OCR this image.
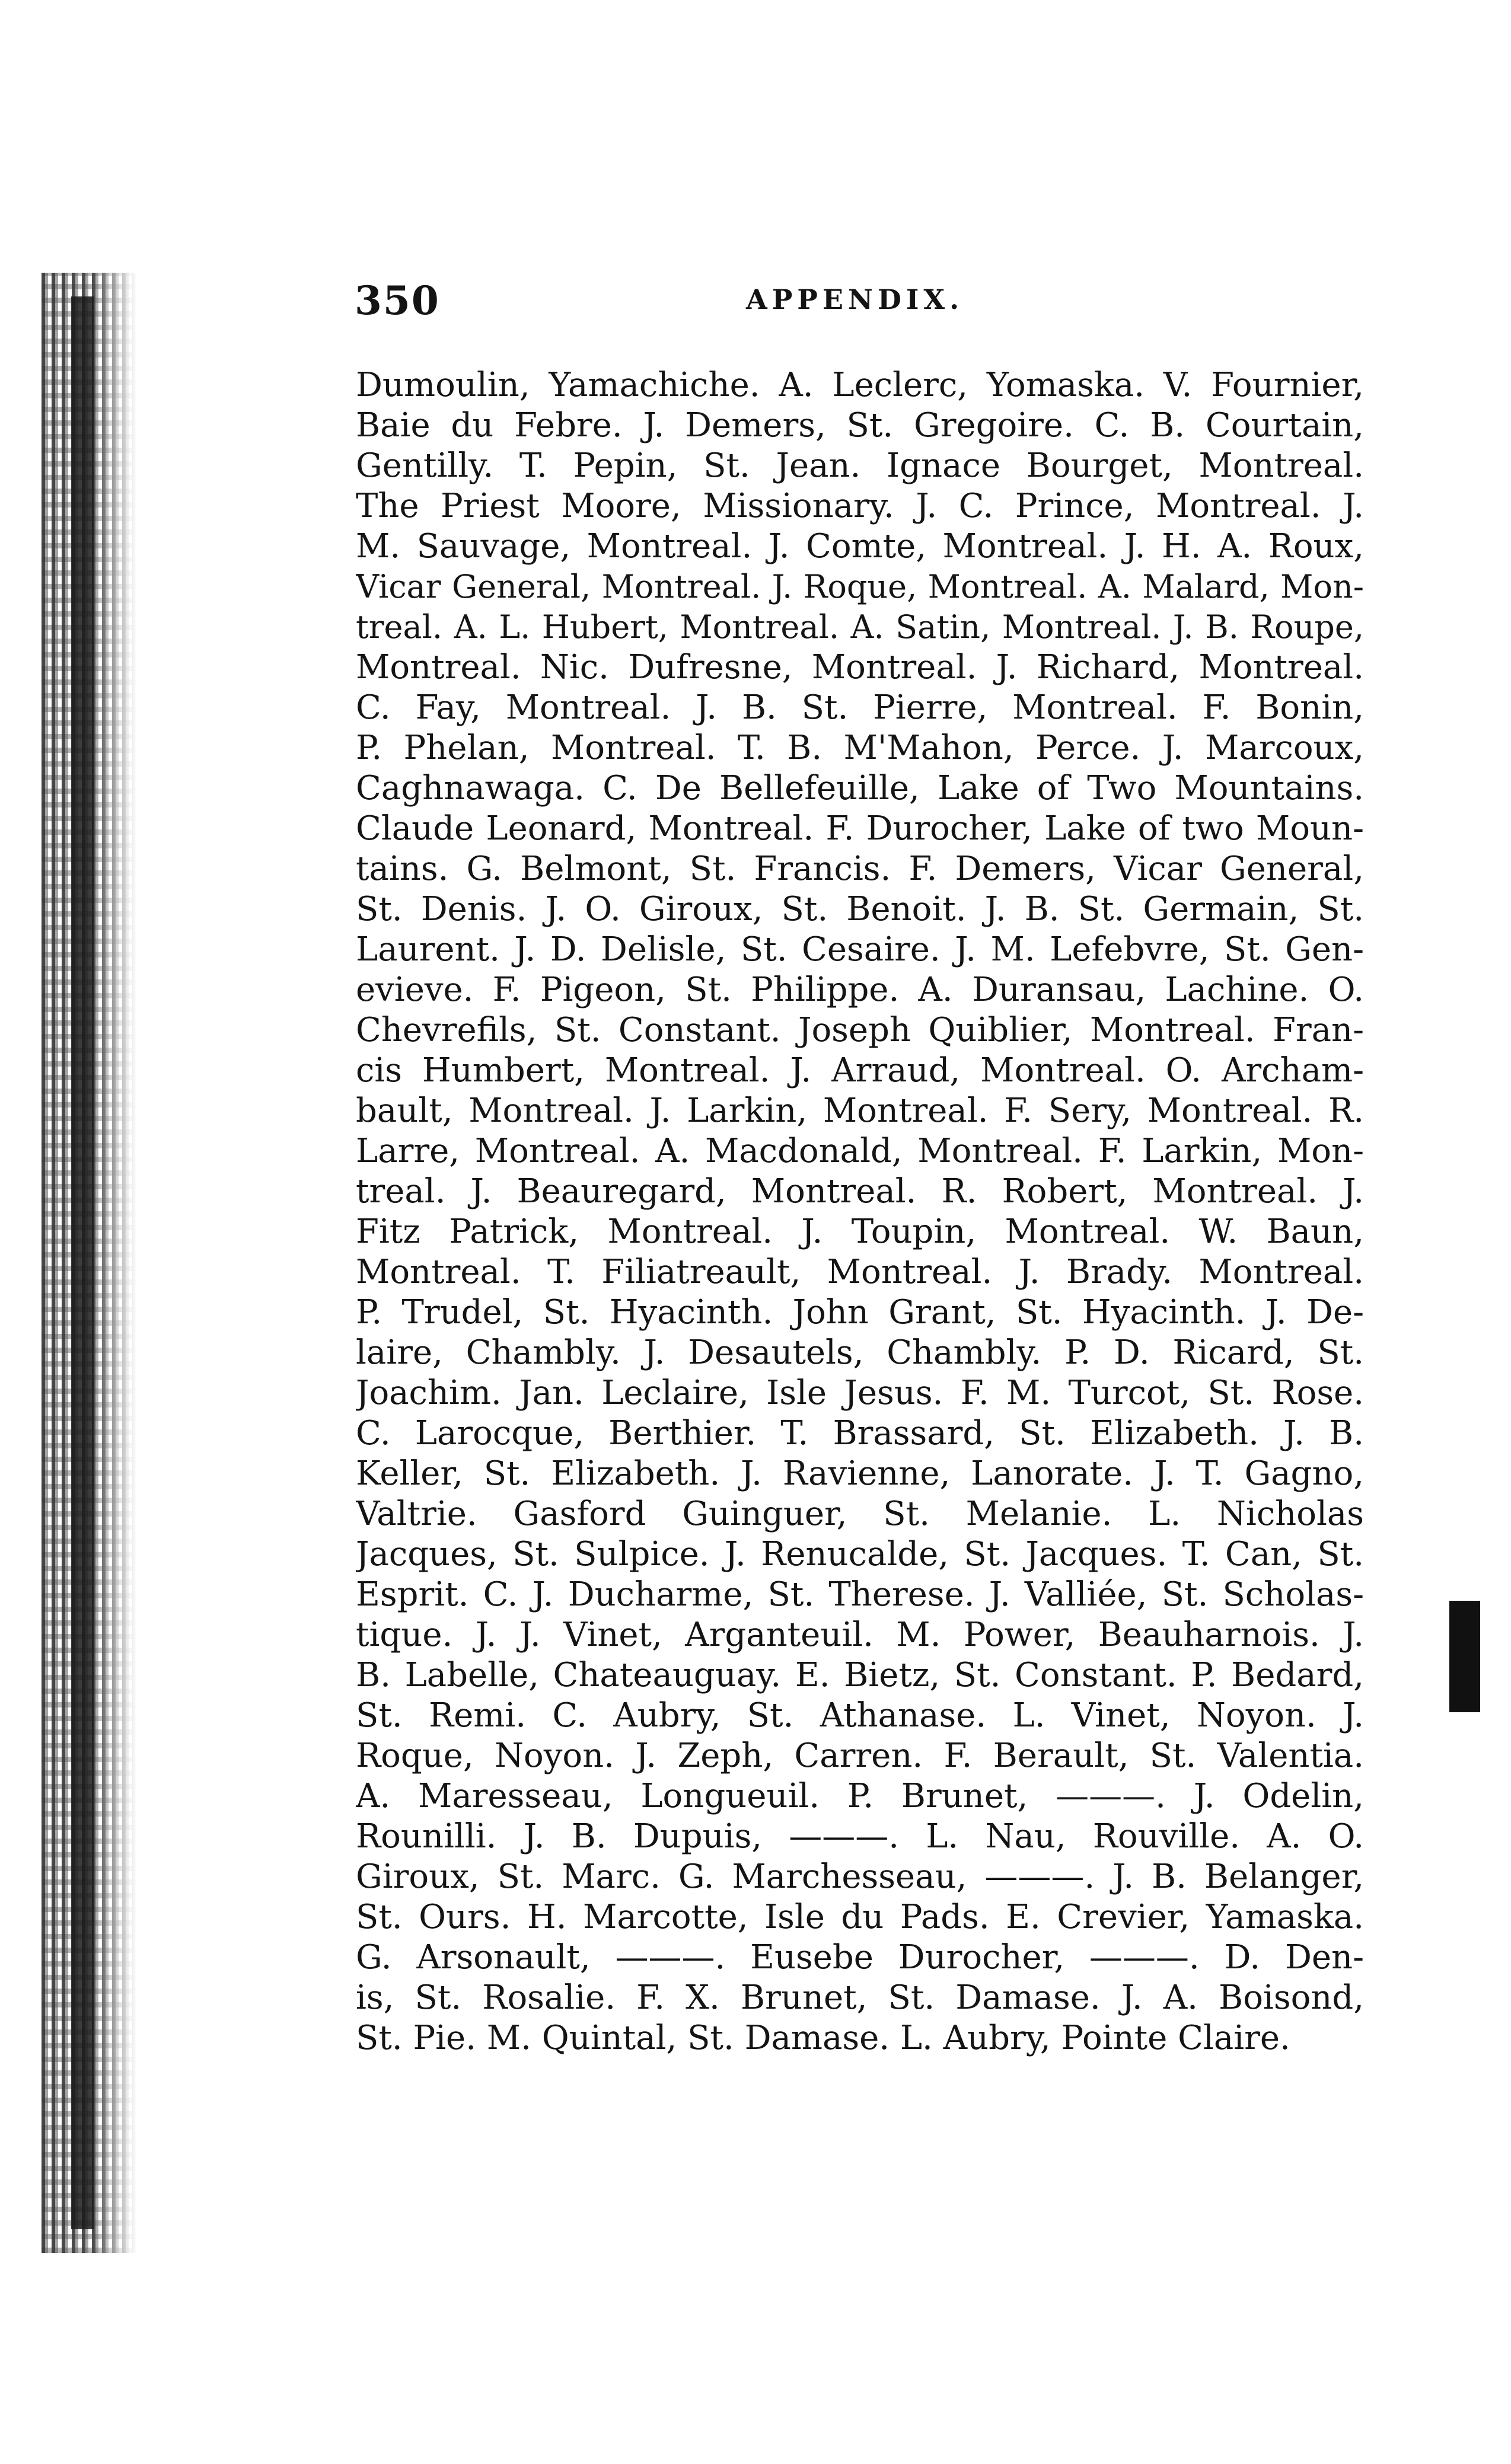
350	APPENDIX.
Dumoulin, Yamachiche. A. Leclerc, Yomaska. V. Fournier,
Baie du Febre. J. Demers, St. Gregoire. C. B. Courtain,
Gentilly. T. Pepin, St. Jean. Ignace Bourget, Montreal.
The Priest Moore, Missionary. J. C. Prince, Montreal. J.
M. Sauvage, Montreal. J. Comte, Montreal. J. H. A. Roux,
Vicar General, Montreal. J. Roque, Montreal. A. Malard, Mon-
treal. A. L. Hubert, Montreal. A. Satin, Montreal. J. B. Roupe,
Montreal. Nic. Dufresne, Montreal. J. Richard, Montreal.
C. Fay, Montreal. J. B. St. Pierre, Montreal. F. Bonin,
P. Phelan, Montreal. T. B. M'Mahon, Perce. J. Marcoux,
Caghnawaga. C. De Bellefeuille, Lake of Two Mountains.
Claude Leonard, Montreal. F. Durocher, Lake of two Moun-
tains. G. Belmont, St. Francis. F. Demers, Vicar General,
St. Denis. J. O. Giroux, St. Benoit. J. B. St. Germain, St.
Laurent. J. D. Delisle, St. Cesaire. J. M. Lefebvre, St. Gen-
evieve. F. Pigeon, St. Philippe. A. Duransau, Lachine. O.
Chevrefils, St. Constant. Joseph Quiblier, Montreal. Fran-
cis Humbert, Montreal. J. Arraud, Montreal. O. Archam-
bault, Montreal. J. Larkin, Montreal. F. Sery, Montreal. R.
Larre, Montreal. A. Macdonald, Montreal. F. Larkin, Mon-
treal. J. Beauregard, Montreal. R. Robert, Montreal. J.
Fitz Patrick, Montreal. J. Toupin, Montreal. W. Baun,
Montreal. T. Filiatreault, Montreal. J. Brady. Montreal.
P. Trudel, St. Hyacinth. John Grant, St. Hyacinth. J. De-
laire, Chambly. J. Desautels, Chambly. P. D. Ricard, St.
Joachim. Jan. Leclaire, Isle Jesus. F. M. Turcot, St. Rose.
C. Larocque, Berthier. T. Brassard, St. Elizabeth. J. B.
Keller, St. Elizabeth. J. Ravienne, Lanorate. J. T. Gagno,
Valtrie. Gasford Guinguer, St. Melanie. L. Nicholas
Jacques, St. Sulpice. J. Renucalde, St. Jacques. T. Can, St.
Esprit. C. J. Ducharme, St. Therese. J. Valliée, St. Scholas-
tique. J. J. Vinet, Arganteuil. M. Power, Beauharnois. J.
B. Labelle, Chateauguay. E. Bietz, St. Constant. P. Bedard,
St. Remi. C. Aubry, St. Athanase. L. Vinet, Noyon. J.
Roque, Noyon. J. Zeph, Carren. F. Berault, St. Valentia.
A. Maresseau, Longueuil. P. Brunet, ———. J. Odelin,
Rounilli. J. B. Dupuis, ———. L. Nau, Rouville. A. O.
Giroux, St. Marc. G. Marchesseau, ———. J. B. Belanger,
St. Ours. H. Marcotte, Isle du Pads. E. Crevier, Yamaska.
G. Arsonault, ———. Eusebe Durocher, ———. D. Den-
is, St. Rosalie. F. X. Brunet, St. Damase. J. A. Boisond,
St. Pie. M. Quintal, St. Damase. L. Aubry, Pointe Claire.
